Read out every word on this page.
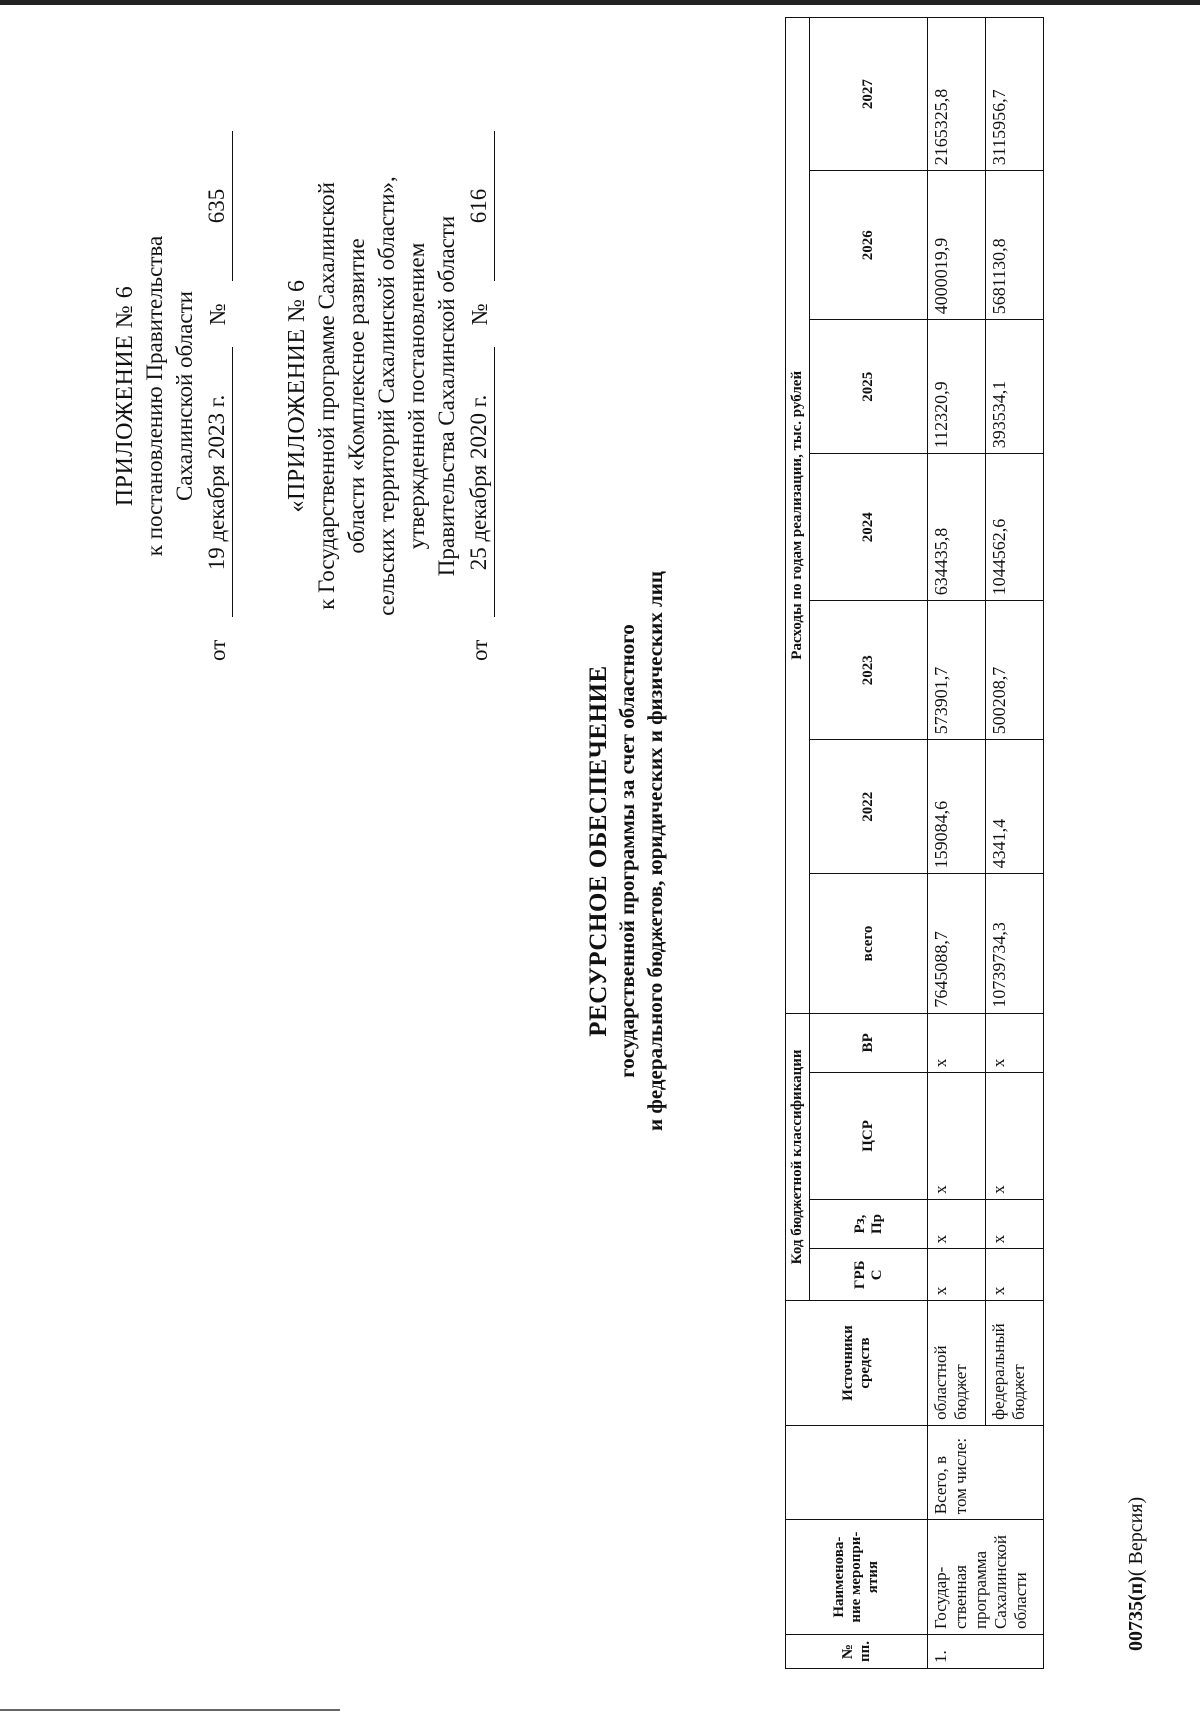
ПРИЛОЖЕНИЕ № 6 к постановлению Правительства Сахалинской области
от
19 декабря 2023 г.
№
635
«ПРИЛОЖЕНИЕ № 6 к Государственной программе Сахалинской области «Комплексное развитие сельских территорий Сахалинской области», утвержденной постановлением Правительства Сахалинской области
от
25 декабря 2020 г.
№
616
РЕСУРСНОЕ ОБЕСПЕЧЕНИЕ государственной программы за счет областного и федерального бюджетов, юридических и физических лиц
№ пп.	Наименова-ние меропри-ятия		Источники средств	Код бюджетной классификации				Расходы по годам реализации, тыс. рублей						
				ГРБ С	Рз, Пр	ЦСР	ВР	всего	2022	2023	2024	2025	2026	2027
1.	Государ-ственная программа Сахалинской области	Всего, в том числе:	областной бюджет	x	x	x	x	7645088,7	159084,6	573901,7	634435,8	112320,9	4000019,9	2165325,8
			федеральный бюджет	x	x	x	x	10739734,3	4341,4	500208,7	1044562,6	393534,1	5681130,8	3115956,7
00735(п)( Версия)
